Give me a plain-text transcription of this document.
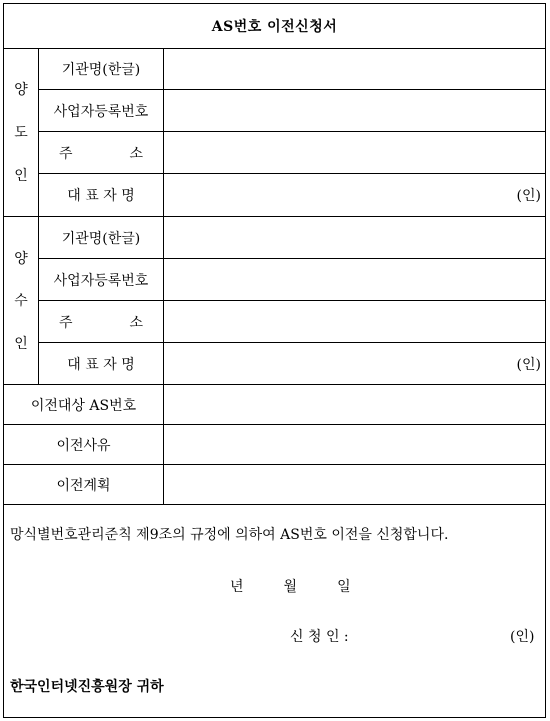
AS번호 이전신청서
양
도
인
기관명(한글)
사업자등록번호
주	소
대 표 자 명	(인)
양
수
인
기관명(한글)
사업자등록번호
주	소
대 표 자 명	(인)
이전대상 AS번호
이전사유
이전계획
망식별번호관리준칙 제9조의 규정에 의하여 AS번호 이전을 신청합니다.
년	월	일
신 청 인 :	(인)
한국인터넷진흥원장 귀하
